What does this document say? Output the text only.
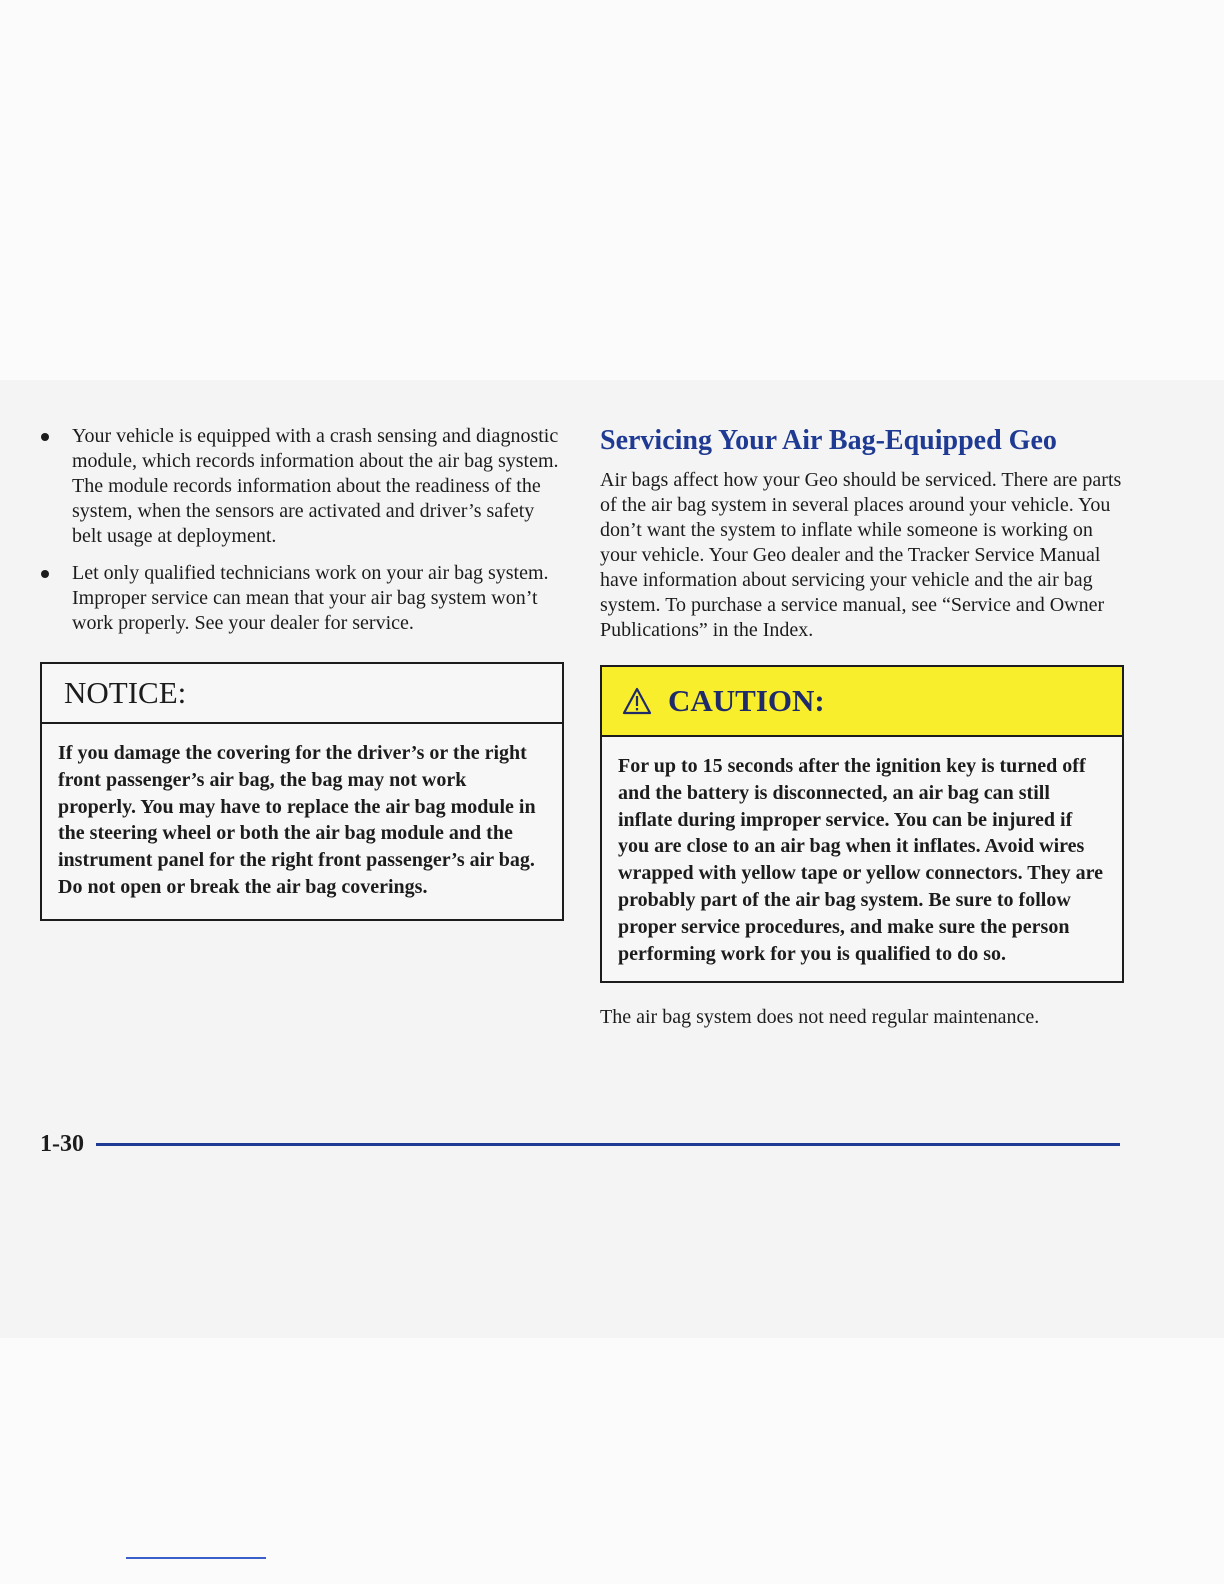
Your vehicle is equipped with a crash sensing and diagnostic module, which records information about the air bag system. The module records information about the readiness of the system, when the sensors are activated and driver’s safety belt usage at deployment.
Let only qualified technicians work on your air bag system. Improper service can mean that your air bag system won’t work properly. See your dealer for service.
NOTICE:
If you damage the covering for the driver’s or the right front passenger’s air bag, the bag may not work properly. You may have to replace the air bag module in the steering wheel or both the air bag module and the instrument panel for the right front passenger’s air bag. Do not open or break the air bag coverings.
Servicing Your Air Bag-Equipped Geo

Air bags affect how your Geo should be serviced. There are parts of the air bag system in several places around your vehicle. You don’t want the system to inflate while someone is working on your vehicle. Your Geo dealer and the Tracker Service Manual have information about servicing your vehicle and the air bag system. To purchase a service manual, see “Service and Owner Publications” in the Index.

CAUTION:
For up to 15 seconds after the ignition key is turned off and the battery is disconnected, an air bag can still inflate during improper service. You can be injured if you are close to an air bag when it inflates. Avoid wires wrapped with yellow tape or yellow connectors. They are probably part of the air bag system. Be sure to follow proper service procedures, and make sure the person performing work for you is qualified to do so.

The air bag system does not need regular maintenance.

1-30
